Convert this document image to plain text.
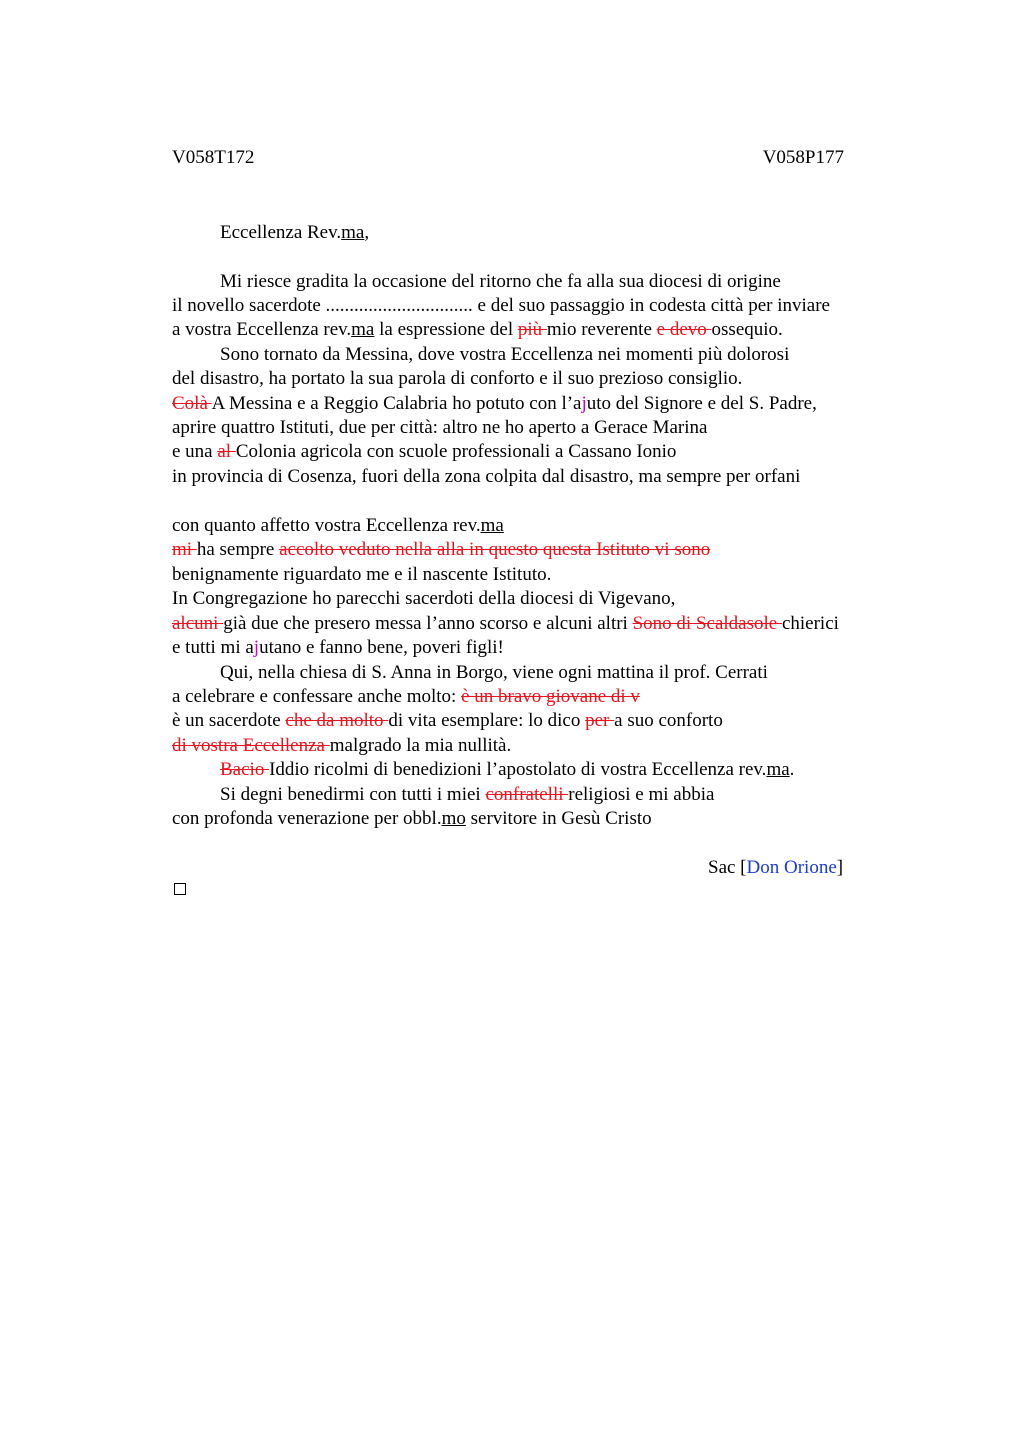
V058T172	V058P177
Eccellenza Rev.ma,
Mi riesce gradita la occasione del ritorno che fa alla sua diocesi di origine
il novello sacerdote ............................... e del suo passaggio in codesta città per inviare
a vostra Eccellenza rev.ma la espressione del più mio reverente e devo ossequio.
Sono tornato da Messina, dove vostra Eccellenza nei momenti più dolorosi
del disastro, ha portato la sua parola di conforto e il suo prezioso consiglio.
Colà A Messina e a Reggio Calabria ho potuto con l’ajuto del Signore e del S. Padre,
aprire quattro Istituti, due per città: altro ne ho aperto a Gerace Marina
e una al Colonia agricola con scuole professionali a Cassano Ionio
in provincia di Cosenza, fuori della zona colpita dal disastro, ma sempre per orfani
con quanto affetto vostra Eccellenza rev.ma
mi ha sempre accolto veduto nella alla in questo questa Istituto vi sono
benignamente riguardato me e il nascente Istituto.
In Congregazione ho parecchi sacerdoti della diocesi di Vigevano,
alcuni già due che presero messa l’anno scorso e alcuni altri Sono di Scaldasole chierici
e tutti mi ajutano e fanno bene, poveri figli!
Qui, nella chiesa di S. Anna in Borgo, viene ogni mattina il prof. Cerrati
a celebrare e confessare anche molto: è un bravo giovane di v
è un sacerdote che da molto di vita esemplare: lo dico per a suo conforto
di vostra Eccellenza malgrado la mia nullità.
Bacio Iddio ricolmi di benedizioni l’apostolato di vostra Eccellenza rev.ma.
Si degni benedirmi con tutti i miei confratelli religiosi e mi abbia
con profonda venerazione per obbl.mo servitore in Gesù Cristo
Sac [Don Orione]
